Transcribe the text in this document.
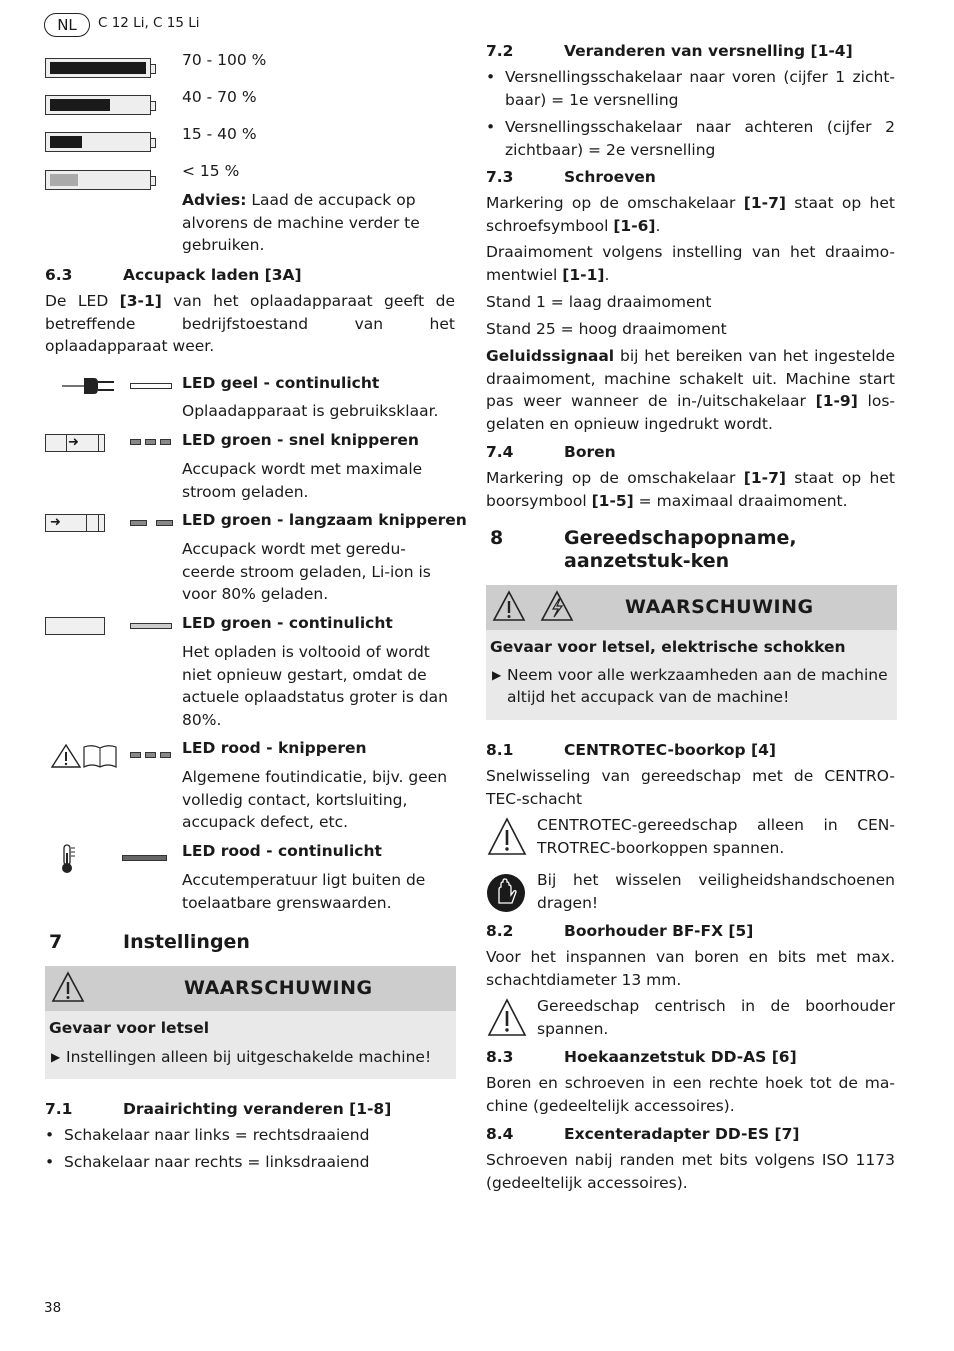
NL	C 12 Li, C 15 Li
70 - 100 %
40 - 70 %
15 - 40 %
< 15 %
Advies: Laad de accupack op alvorens de machine verder te gebruiken.
6.3	Accupack laden [3A]

De LED [3-1] van het oplaadapparaat geeft de betreffende bedrijfstoestand van het oplaadapparaat weer.

LED geel - continulicht
Oplaadapparaat is gebruiksklaar.
➜	LED groen - snel knipperen
Accupack wordt met maximale stroom geladen.
➜	LED groen - langzaam knipperen
Accupack wordt met geredu-ceerde stroom geladen, Li-ion is voor 80% geladen.
LED groen - continulicht
Het opladen is voltooid of wordt niet opnieuw gestart, omdat de actuele oplaadstatus groter is dan 80%.
LED rood - knipperen
Algemene foutindicatie, bijv. geen volledig contact, kortsluiting, accupack defect, etc.
LED rood - continulicht
Accutemperatuur ligt buiten de toelaatbare grenswaarden.
7	Instellingen
WAARSCHUWING
Gevaar voor letsel
▶ Instellingen alleen bij uitgeschakelde machine!
7.1	Draairichting veranderen [1-8]
• Schakelaar naar links = rechtsdraaiend
• Schakelaar naar rechts = linksdraaiend
7.2	Veranderen van versnelling [1-4]
• Versnellingsschakelaar naar voren (cijfer 1 zicht-baar) = 1e versnelling
• Versnellingsschakelaar naar achteren (cijfer 2 zichtbaar) = 2e versnelling
7.3	Schroeven

Markering op de omschakelaar [1-7] staat op het schroefsymbool [1-6].

Draaimoment volgens instelling van het draaimo-mentwiel [1-1].

Stand 1 = laag draaimoment

Stand 25 = hoog draaimoment

Geluidssignaal bij het bereiken van het ingestelde draaimoment, machine schakelt uit. Machine start pas weer wanneer de in-/uitschakelaar [1-9] los-gelaten en opnieuw ingedrukt wordt.

7.4	Boren

Markering op de omschakelaar [1-7] staat op het boorsymbool [1-5] = maximaal draaimoment.

8	Gereedschapopname, aanzetstuk-ken
WAARSCHUWING
Gevaar voor letsel, elektrische schokken
▶ Neem voor alle werkzaamheden aan de machine altijd het accupack van de machine!
8.1	CENTROTEC-boorkop [4]

Snelwisseling van gereedschap met de CENTRO-TEC-schacht

CENTROTEC-gereedschap alleen in CEN-TROTREC-boorkoppen spannen.

Bij het wisselen veiligheidshandschoenen dragen!

8.2	Boorhouder BF-FX [5]

Voor het inspannen van boren en bits met max. schachtdiameter 13 mm.

Gereedschap centrisch in de boorhouder spannen.

8.3	Hoekaanzetstuk DD-AS [6]

Boren en schroeven in een rechte hoek tot de ma-chine (gedeeltelijk accessoires).

8.4	Excenteradapter DD-ES [7]

Schroeven nabij randen met bits volgens ISO 1173 (gedeeltelijk accessoires).

38
